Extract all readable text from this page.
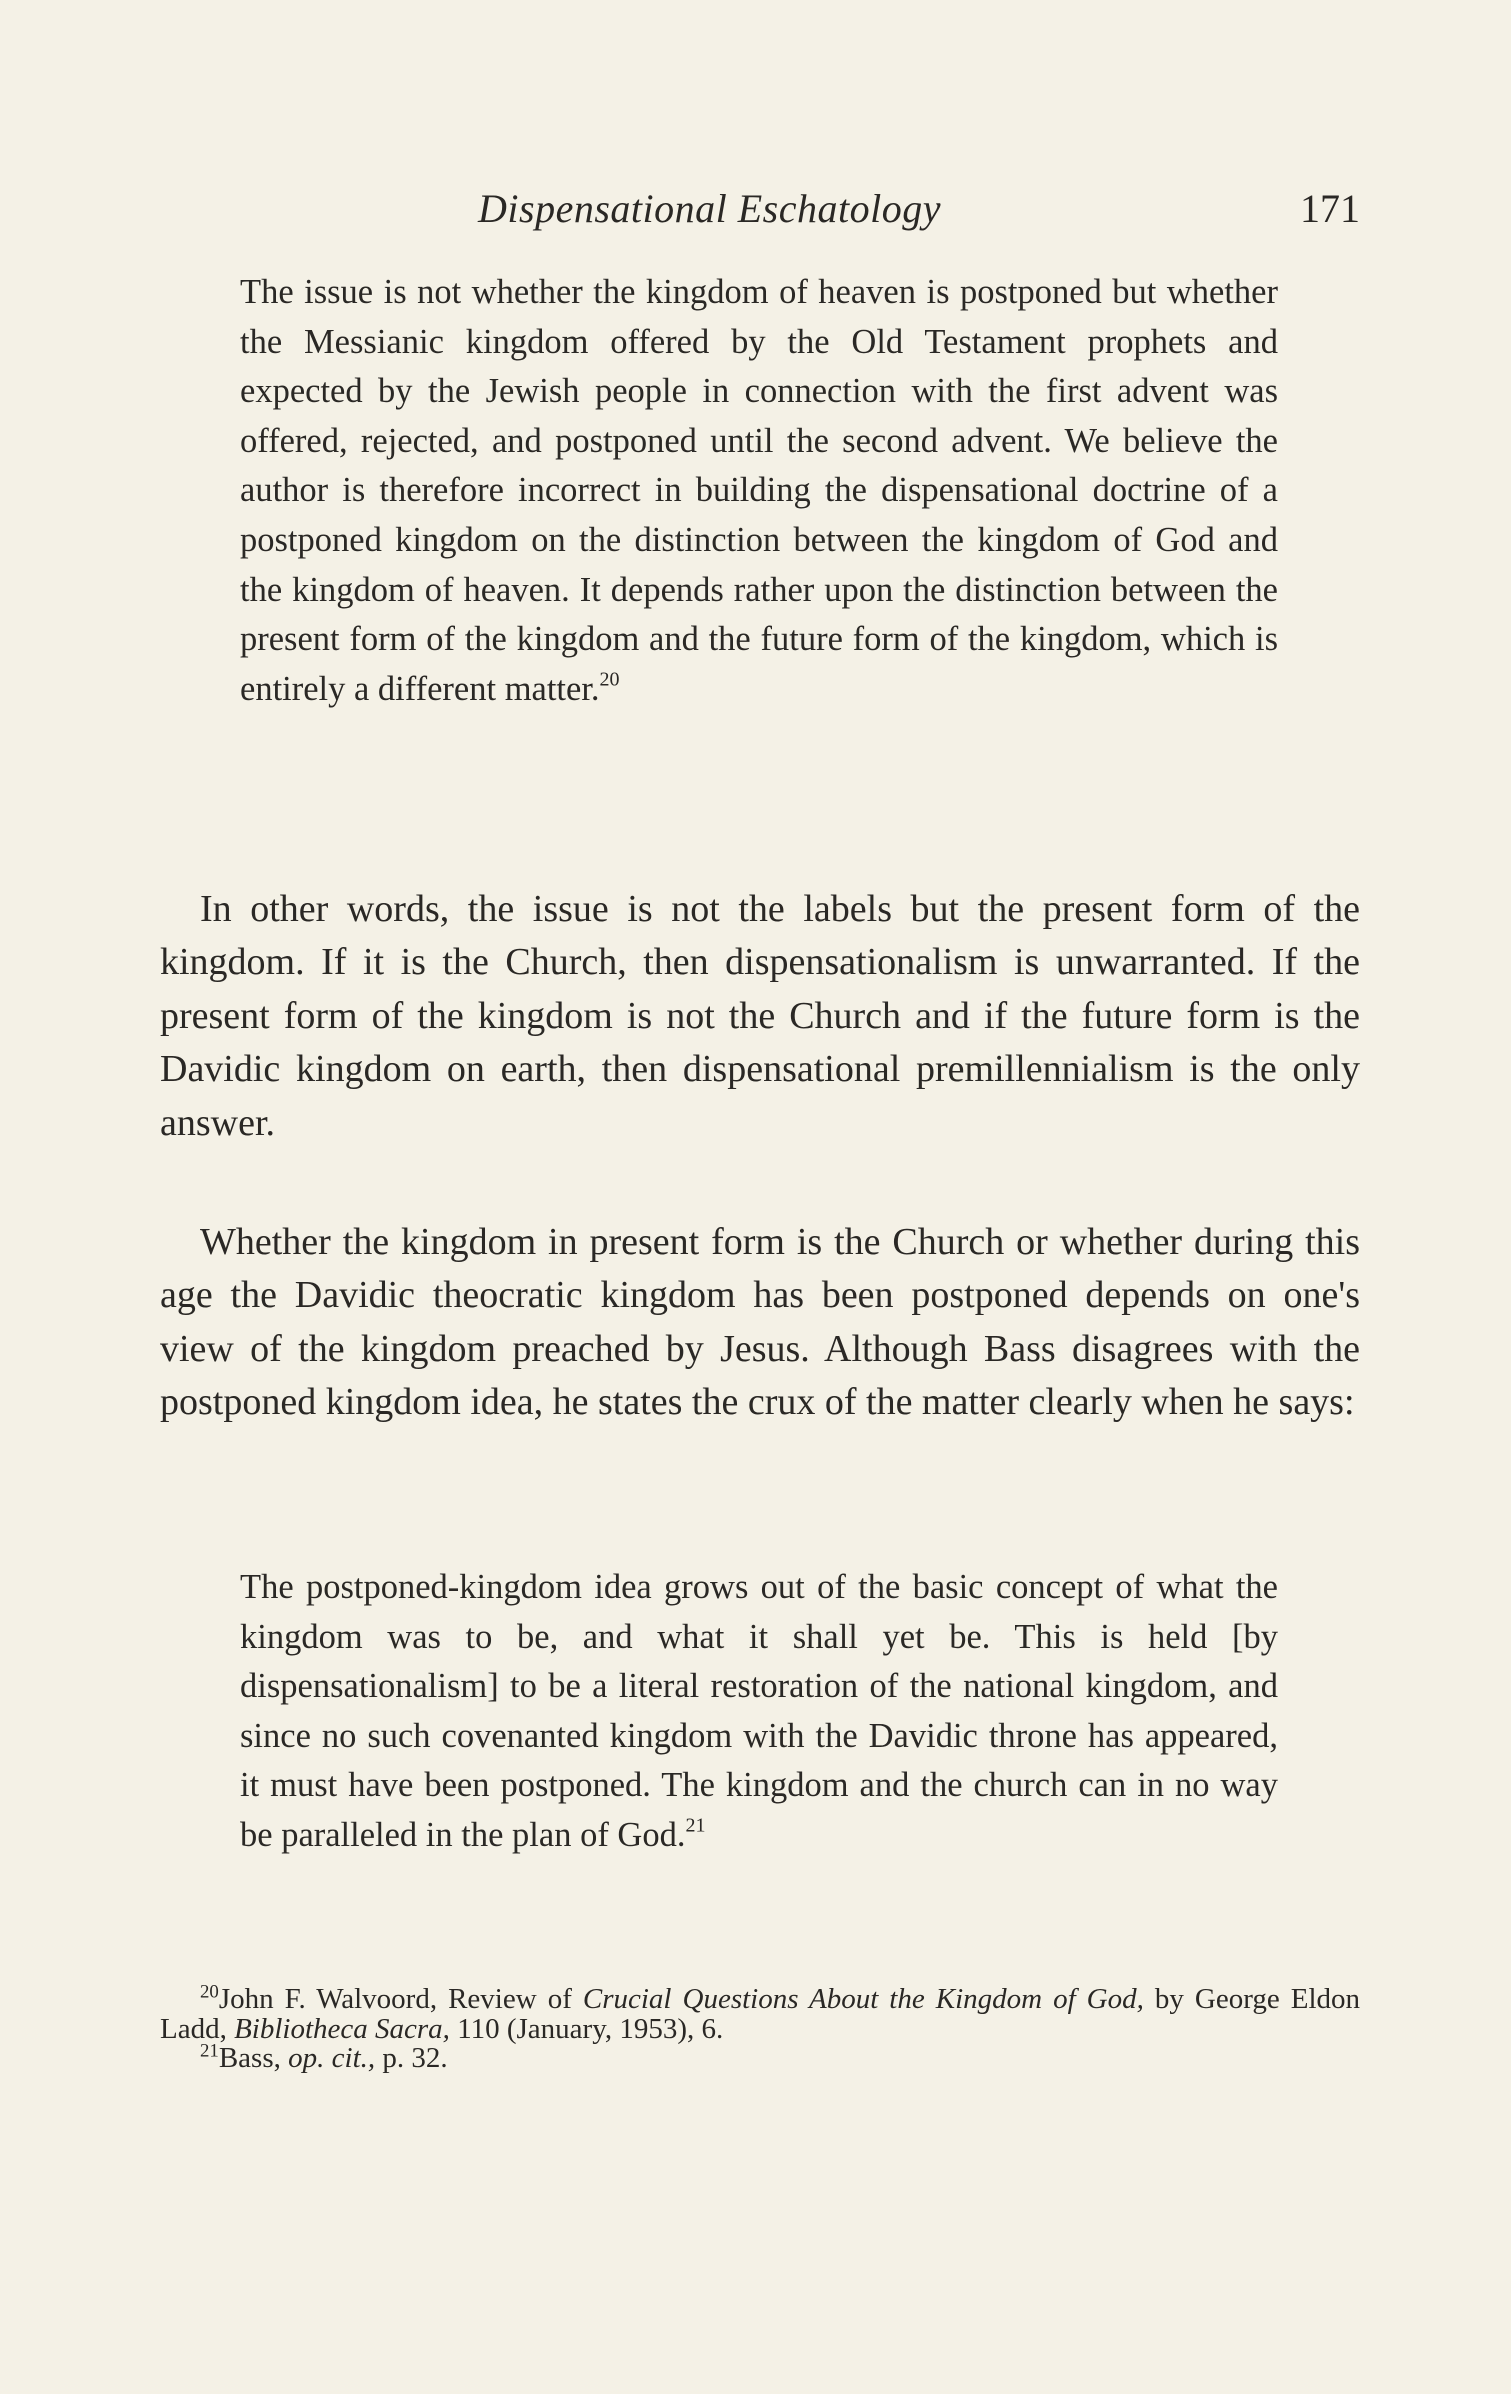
Dispensational Eschatology	171

The issue is not whether the kingdom of heaven is postponed but whether the Messianic kingdom offered by the Old Testament prophets and expected by the Jewish people in connection with the first advent was offered, rejected, and postponed until the second advent. We believe the author is therefore incorrect in building the dispensational doctrine of a postponed kingdom on the distinction between the kingdom of God and the kingdom of heaven. It depends rather upon the distinction between the present form of the kingdom and the future form of the kingdom, which is entirely a different matter.$^{20}$

In other words, the issue is not the labels but the present form of the kingdom. If it is the Church, then dispensationalism is unwarranted. If the present form of the kingdom is not the Church and if the future form is the Davidic kingdom on earth, then dispensational premillennialism is the only answer.

Whether the kingdom in present form is the Church or whether during this age the Davidic theocratic kingdom has been postponed depends on one's view of the kingdom preached by Jesus. Although Bass disagrees with the postponed kingdom idea, he states the crux of the matter clearly when he says:

The postponed-kingdom idea grows out of the basic concept of what the kingdom was to be, and what it shall yet be. This is held [by dispensationalism] to be a literal restoration of the national kingdom, and since no such covenanted kingdom with the Davidic throne has appeared, it must have been postponed. The kingdom and the church can in no way be paralleled in the plan of God.$^{21}$

$^{20}$John F. Walvoord, Review of Crucial Questions About the Kingdom of God, by George Eldon Ladd, Bibliotheca Sacra, 110 (January, 1953), 6.

$^{21}$Bass, op. cit., p. 32.
